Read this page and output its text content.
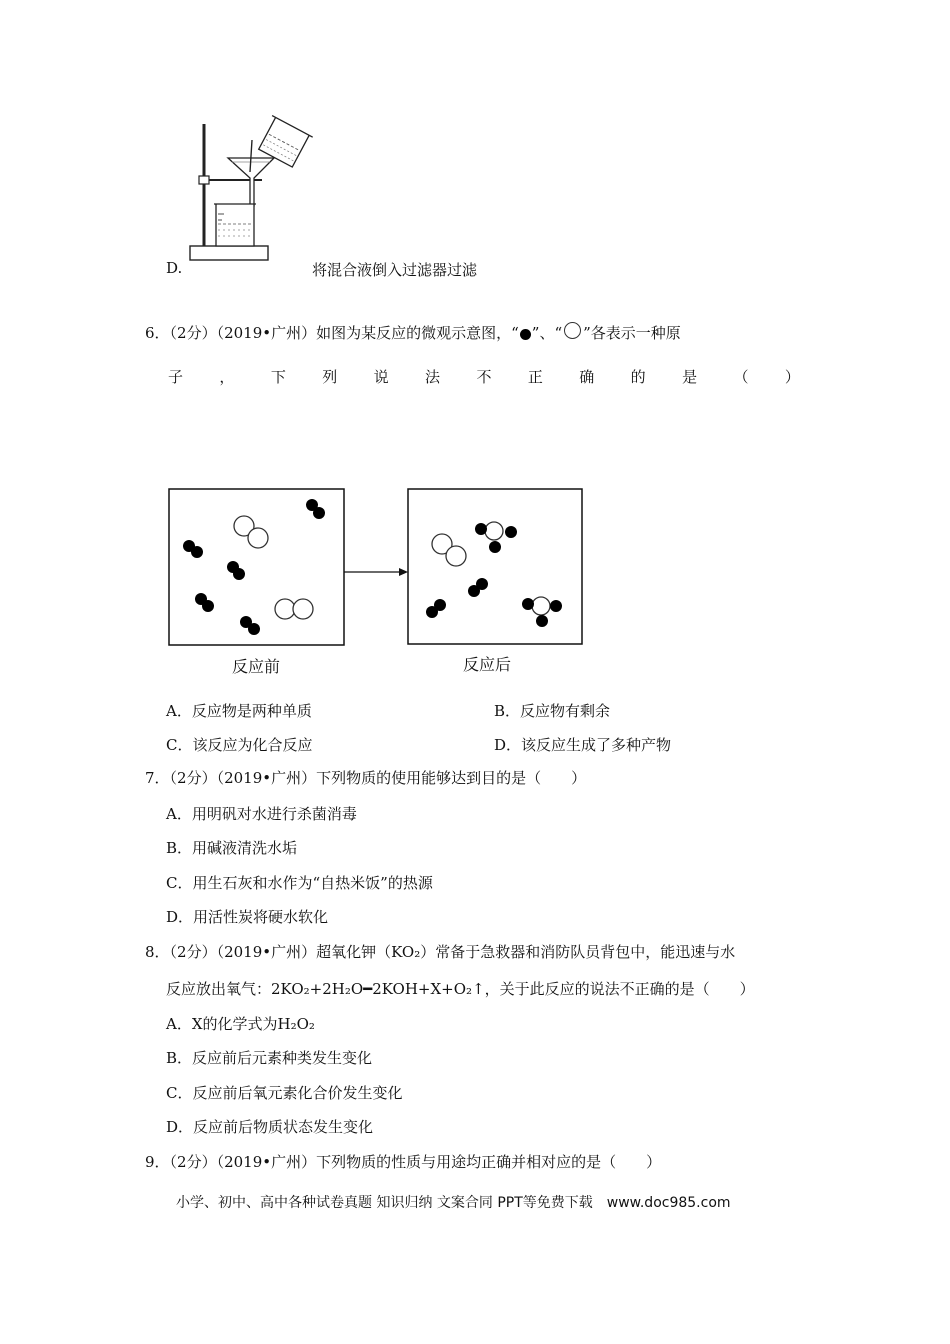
D.	将混合液倒入过滤器过滤
6．（2分）（2019•广州）如图为某反应的微观示意图，“ ”、“ ”各表示一种原
子 ， 下 列 说 法 不 正 确 的 是 （ ）
反应前	反应后
A．反应物是两种单质	B．反应物有剩余
C．该反应为化合反应	D．该反应生成了多种产物
7．（2分）（2019•广州）下列物质的使用能够达到目的是（　　）
A．用明矾对水进行杀菌消毒
B．用碱液清洗水垢
C．用生石灰和水作为“自热米饭”的热源
D．用活性炭将硬水软化
8．（2分）（2019•广州）超氧化钾（KO₂）常备于急救器和消防队员背包中，能迅速与水
反应放出氧气：2KO₂+2H₂O━2KOH+X+O₂↑，关于此反应的说法不正确的是（　　）
A．X的化学式为H₂O₂
B．反应前后元素种类发生变化
C．反应前后氧元素化合价发生变化
D．反应前后物质状态发生变化
9．（2分）（2019•广州）下列物质的性质与用途均正确并相对应的是（　　）
小学、初中、高中各种试卷真题 知识归纳 文案合同 PPT等免费下载　www.doc985.com
